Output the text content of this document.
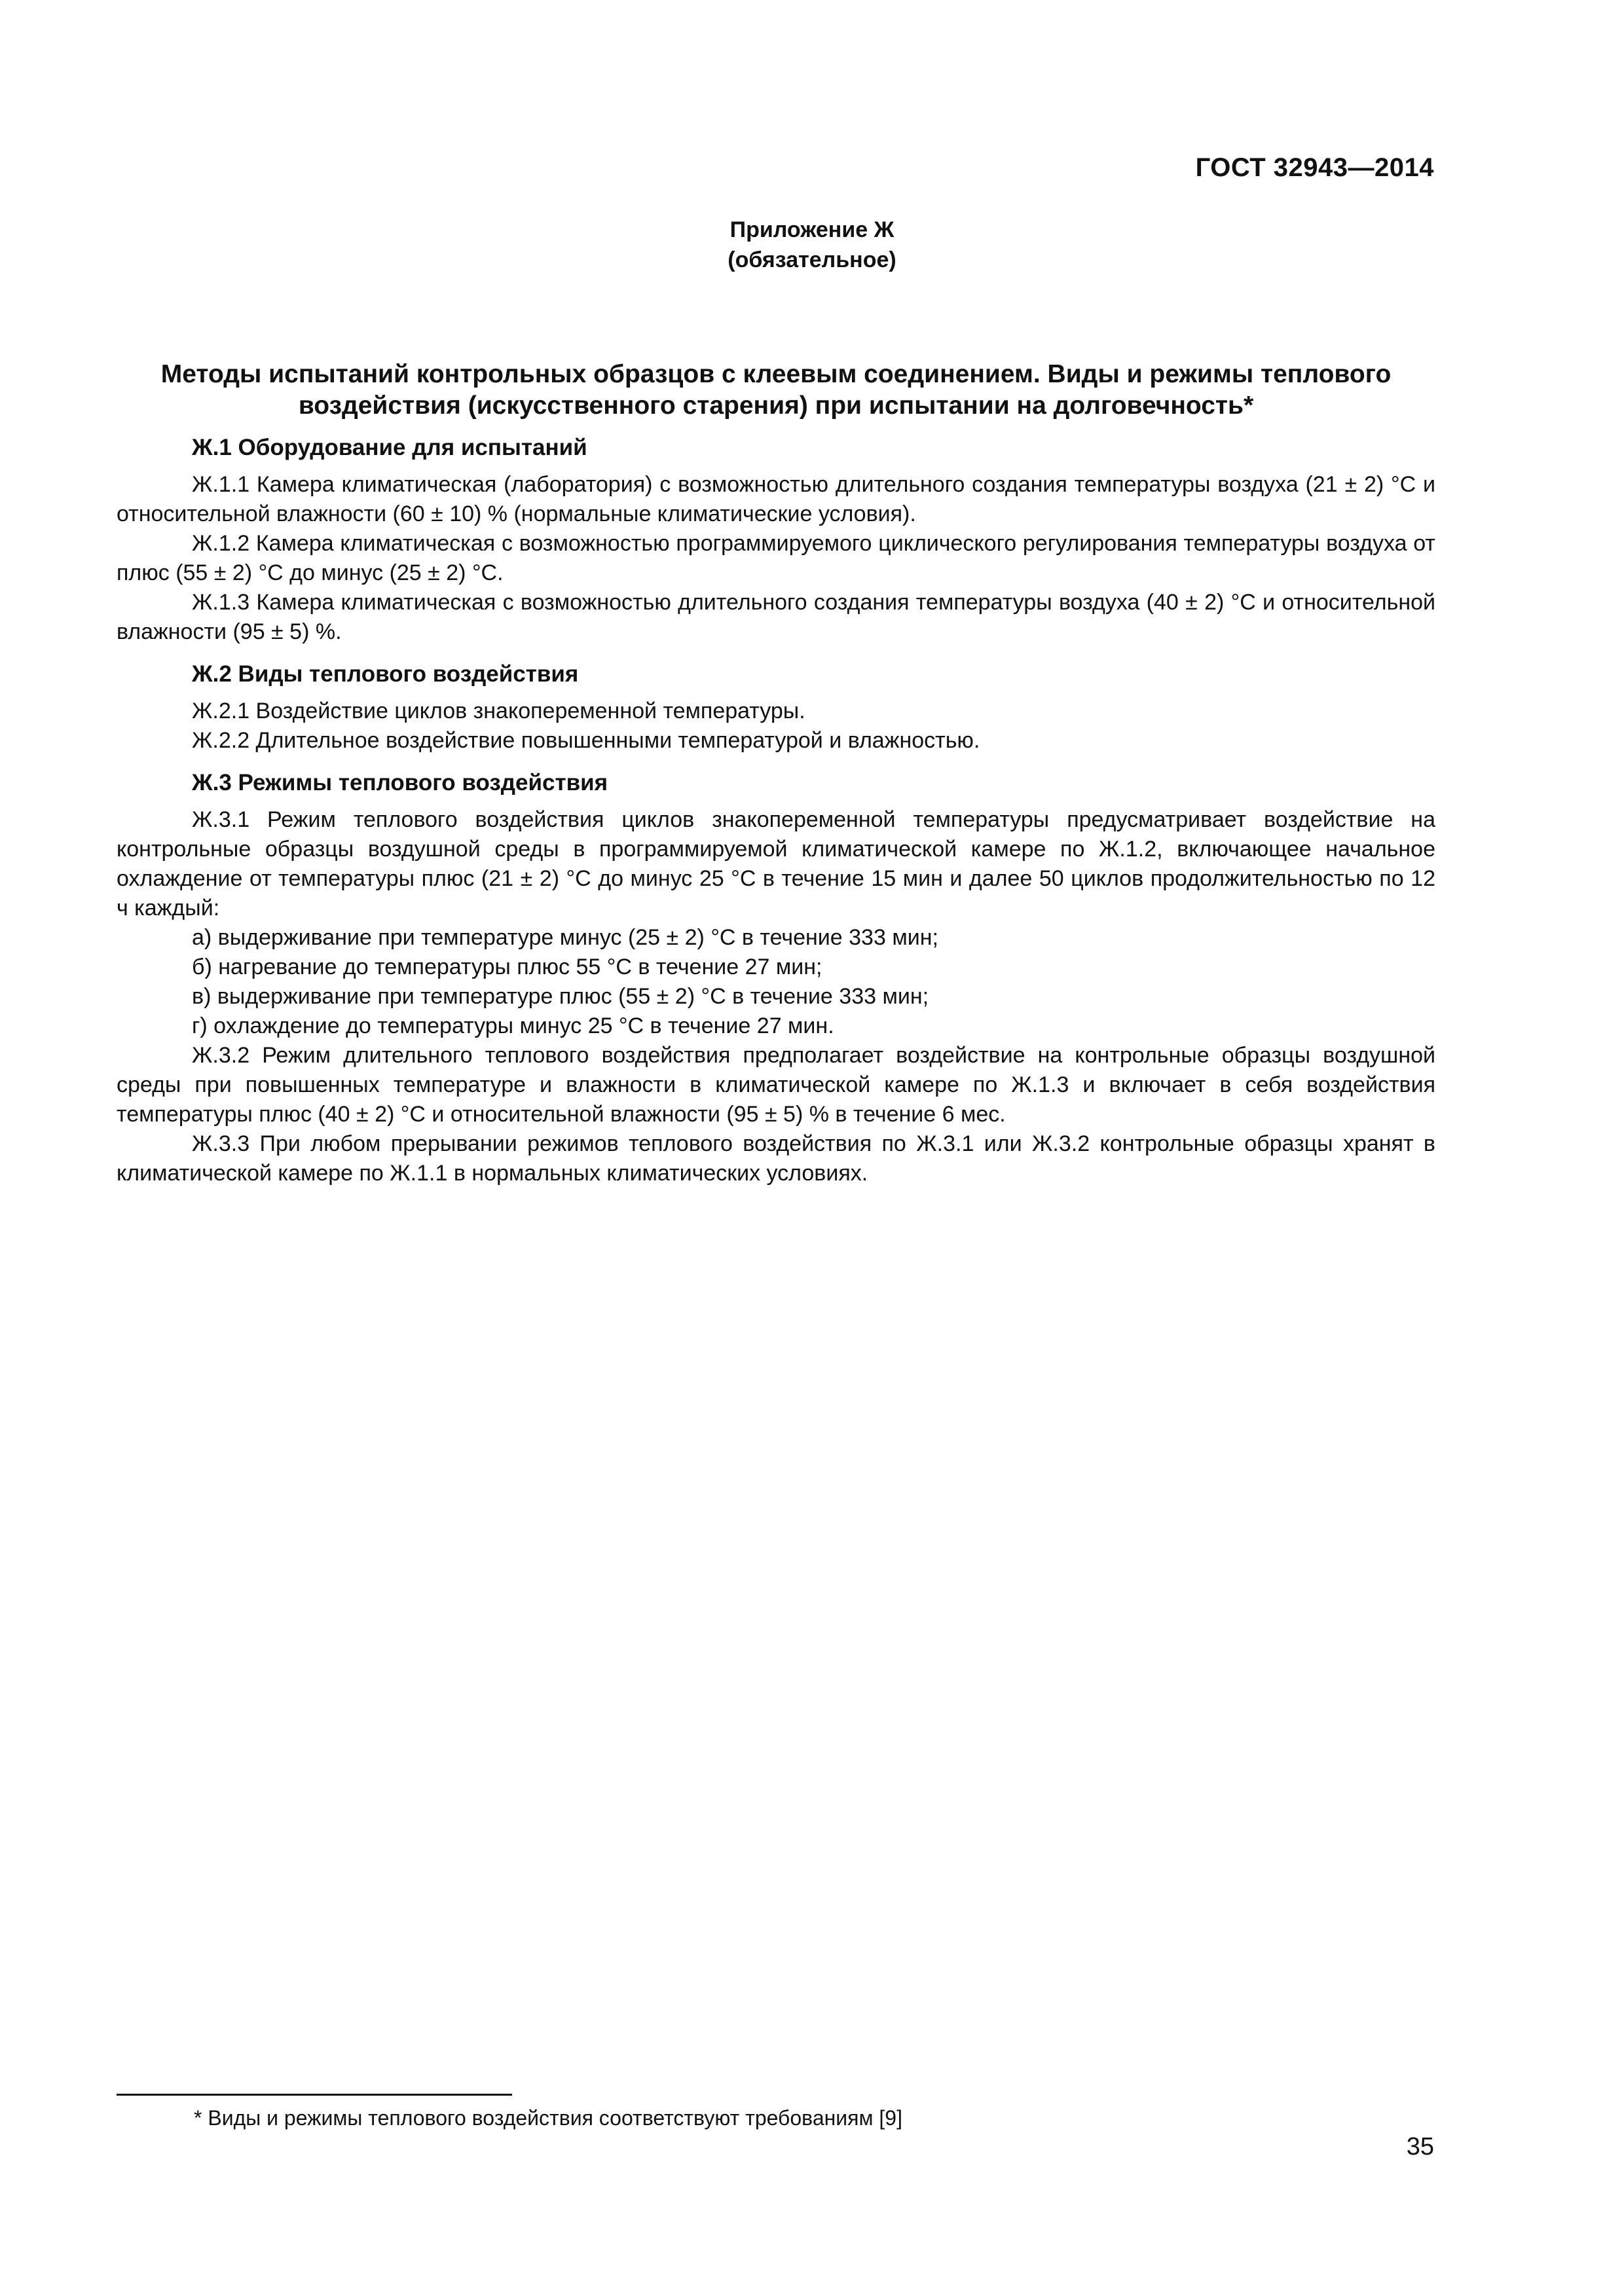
ГОСТ 32943—2014
Приложение Ж
(обязательное)
Методы испытаний контрольных образцов с клеевым соединением. Виды и режимы теплового воздействия (искусственного старения) при испытании на долговечность*
Ж.1 Оборудование для испытаний

Ж.1.1 Камера климатическая (лаборатория) с возможностью длительного создания температуры воздуха (21 ± 2) °С и относительной влажности (60 ± 10) % (нормальные климатические условия).

Ж.1.2 Камера климатическая с возможностью программируемого циклического регулирования температуры воздуха от плюс (55 ± 2) °С до минус (25 ± 2) °С.

Ж.1.3 Камера климатическая с возможностью длительного создания температуры воздуха (40 ± 2) °С и относительной влажности (95 ± 5) %.

Ж.2 Виды теплового воздействия

Ж.2.1 Воздействие циклов знакопеременной температуры.

Ж.2.2 Длительное воздействие повышенными температурой и влажностью.

Ж.3 Режимы теплового воздействия

Ж.3.1 Режим теплового воздействия циклов знакопеременной температуры предусматривает воздействие на контрольные образцы воздушной среды в программируемой климатической камере по Ж.1.2, включающее начальное охлаждение от температуры плюс (21 ± 2) °С до минус 25 °С в течение 15 мин и далее 50 циклов продолжительностью по 12 ч каждый:

а) выдерживание при температуре минус (25 ± 2) °С в течение 333 мин;

б) нагревание до температуры плюс 55 °С в течение 27 мин;

в) выдерживание при температуре плюс (55 ± 2) °С в течение 333 мин;

г) охлаждение до температуры минус 25 °С в течение 27 мин.

Ж.3.2 Режим длительного теплового воздействия предполагает воздействие на контрольные образцы воздушной среды при повышенных температуре и влажности в климатической камере по Ж.1.3 и включает в себя воздействия температуры плюс (40 ± 2) °С и относительной влажности (95 ± 5) % в течение 6 мес.

Ж.3.3 При любом прерывании режимов теплового воздействия по Ж.3.1 или Ж.3.2 контрольные образцы хранят в климатической камере по Ж.1.1 в нормальных климатических условиях.

* Виды и режимы теплового воздействия соответствуют требованиям [9]
35
